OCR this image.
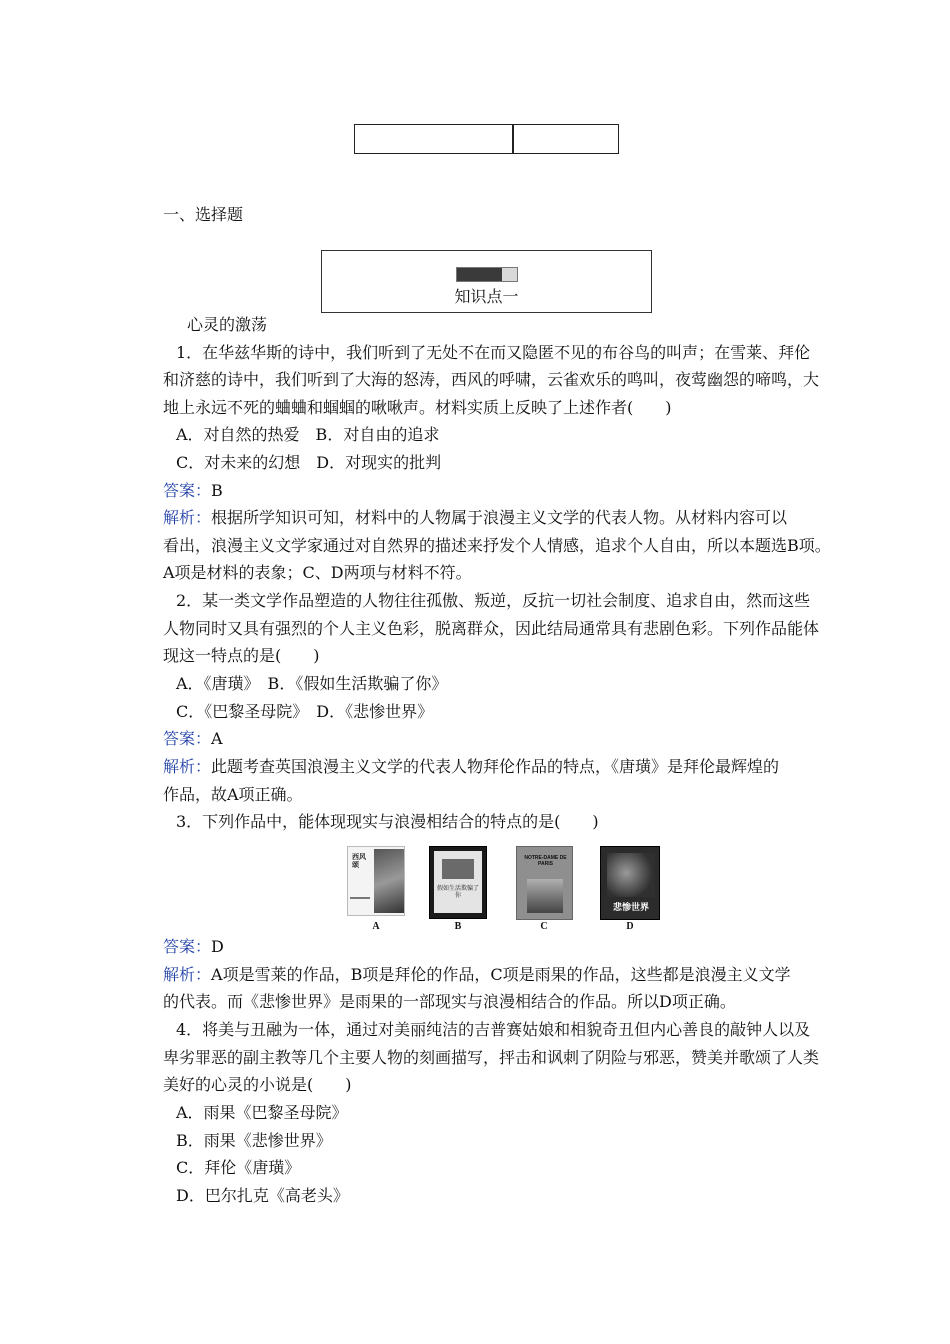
一、选择题
知识点一
心灵的激荡
1．在华兹华斯的诗中，我们听到了无处不在而又隐匿不见的布谷鸟的叫声；在雪莱、拜伦
和济慈的诗中，我们听到了大海的怒涛，西风的呼啸，云雀欢乐的鸣叫，夜莺幽怨的啼鸣，大
地上永远不死的蛐蛐和蝈蝈的啾啾声。材料实质上反映了上述作者(　　)
A．对自然的热爱　B．对自由的追求
C．对未来的幻想　D．对现实的批判
答案：B
解析：根据所学知识可知，材料中的人物属于浪漫主义文学的代表人物。从材料内容可以
看出，浪漫主义文学家通过对自然界的描述来抒发个人情感，追求个人自由，所以本题选B项。
A项是材料的表象；C、D两项与材料不符。
2．某一类文学作品塑造的人物往往孤傲、叛逆，反抗一切社会制度、追求自由，然而这些
人物同时又具有强烈的个人主义色彩，脱离群众，因此结局通常具有悲剧色彩。下列作品能体
现这一特点的是(　　)
A．《唐璜》　B．《假如生活欺骗了你》
C．《巴黎圣母院》　D．《悲惨世界》
答案：A
解析：此题考查英国浪漫主义文学的代表人物拜伦作品的特点，《唐璜》是拜伦最辉煌的
作品，故A项正确。
3．下列作品中，能体现现实与浪漫相结合的特点的是(　　)
西风颂
假如生活欺骗了你
NOTRE-DAME DE PARIS
悲惨世界
A	B	C	D
答案：D
解析：A项是雪莱的作品，B项是拜伦的作品，C项是雨果的作品，这些都是浪漫主义文学
的代表。而《悲惨世界》是雨果的一部现实与浪漫相结合的作品。所以D项正确。
4．将美与丑融为一体，通过对美丽纯洁的吉普赛姑娘和相貌奇丑但内心善良的敲钟人以及
卑劣罪恶的副主教等几个主要人物的刻画描写，抨击和讽刺了阴险与邪恶，赞美并歌颂了人类
美好的心灵的小说是(　　)
A．雨果《巴黎圣母院》
B．雨果《悲惨世界》
C．拜伦《唐璜》
D．巴尔扎克《高老头》
